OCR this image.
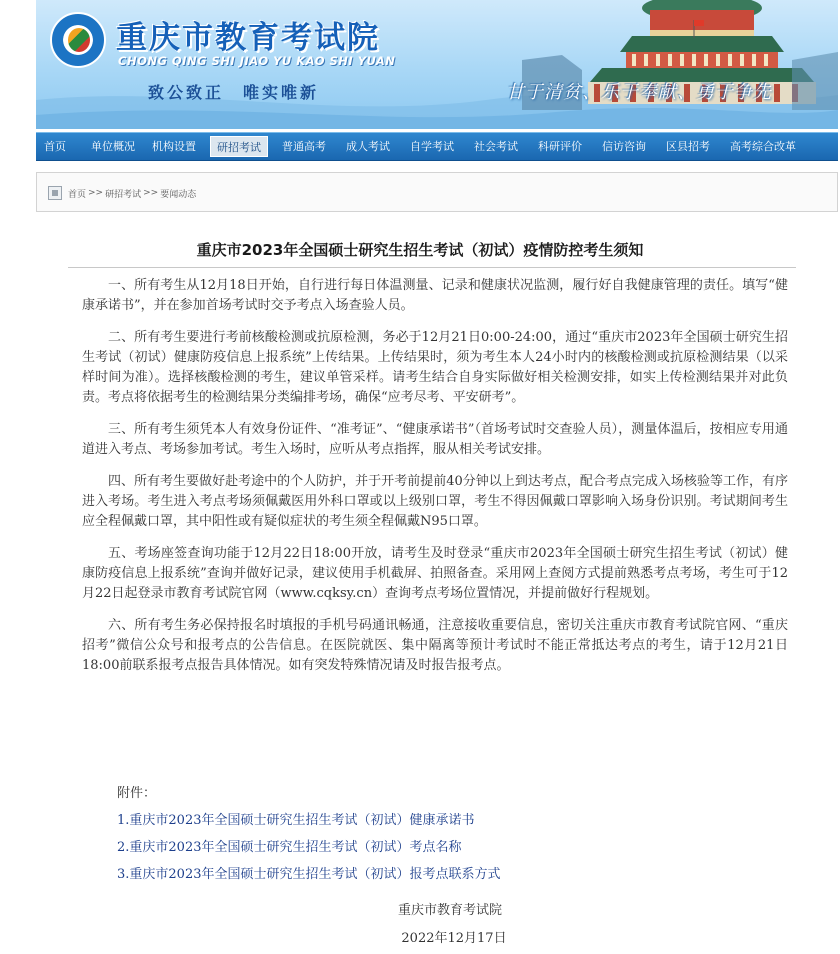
重庆市教育考试院
CHONG QING SHI JIAO YU KAO SHI YUAN
致公致正　唯实唯新	甘于清贫、乐于奉献、勇于争先
首页	单位概况	机构设置	研招考试	普通高考	成人考试	自学考试	社会考试	科研评价	信访咨询	区县招考	高考综合改革
首页 >> 研招考试 >> 要闻动态
重庆市2023年全国硕士研究生招生考试（初试）疫情防控考生须知

一、所有考生从12月18日开始，自行进行每日体温测量、记录和健康状况监测，履行好自我健康管理的责任。填写“健康承诺书”，并在参加首场考试时交予考点入场查验人员。

二、所有考生要进行考前核酸检测或抗原检测，务必于12月21日0:00-24:00，通过“重庆市2023年全国硕士研究生招生考试（初试）健康防疫信息上报系统”上传结果。上传结果时，须为考生本人24小时内的核酸检测或抗原检测结果（以采样时间为准）。选择核酸检测的考生，建议单管采样。请考生结合自身实际做好相关检测安排，如实上传检测结果并对此负责。考点将依据考生的检测结果分类编排考场，确保“应考尽考、平安研考”。

三、所有考生须凭本人有效身份证件、“准考证”、“健康承诺书”（首场考试时交查验人员），测量体温后，按相应专用通道进入考点、考场参加考试。考生入场时，应听从考点指挥，服从相关考试安排。

四、所有考生要做好赴考途中的个人防护，并于开考前提前40分钟以上到达考点，配合考点完成入场核验等工作，有序进入考场。考生进入考点考场须佩戴医用外科口罩或以上级别口罩，考生不得因佩戴口罩影响入场身份识别。考试期间考生应全程佩戴口罩，其中阳性或有疑似症状的考生须全程佩戴N95口罩。

五、考场座签查询功能于12月22日18:00开放，请考生及时登录“重庆市2023年全国硕士研究生招生考试（初试）健康防疫信息上报系统”查询并做好记录，建议使用手机截屏、拍照备查。采用网上查阅方式提前熟悉考点考场，考生可于12月22日起登录市教育考试院官网（www.cqksy.cn）查询考点考场位置情况，并提前做好行程规划。

六、所有考生务必保持报名时填报的手机号码通讯畅通，注意接收重要信息，密切关注重庆市教育考试院官网、“重庆招考”微信公众号和报考点的公告信息。在医院就医、集中隔离等预计考试时不能正常抵达考点的考生，请于12月21日18:00前联系报考点报告具体情况。如有突发特殊情况请及时报告报考点。

附件：
1.重庆市2023年全国硕士研究生招生考试（初试）健康承诺书
2.重庆市2023年全国硕士研究生招生考试（初试）考点名称
3.重庆市2023年全国硕士研究生招生考试（初试）报考点联系方式
重庆市教育考试院
2022年12月17日
